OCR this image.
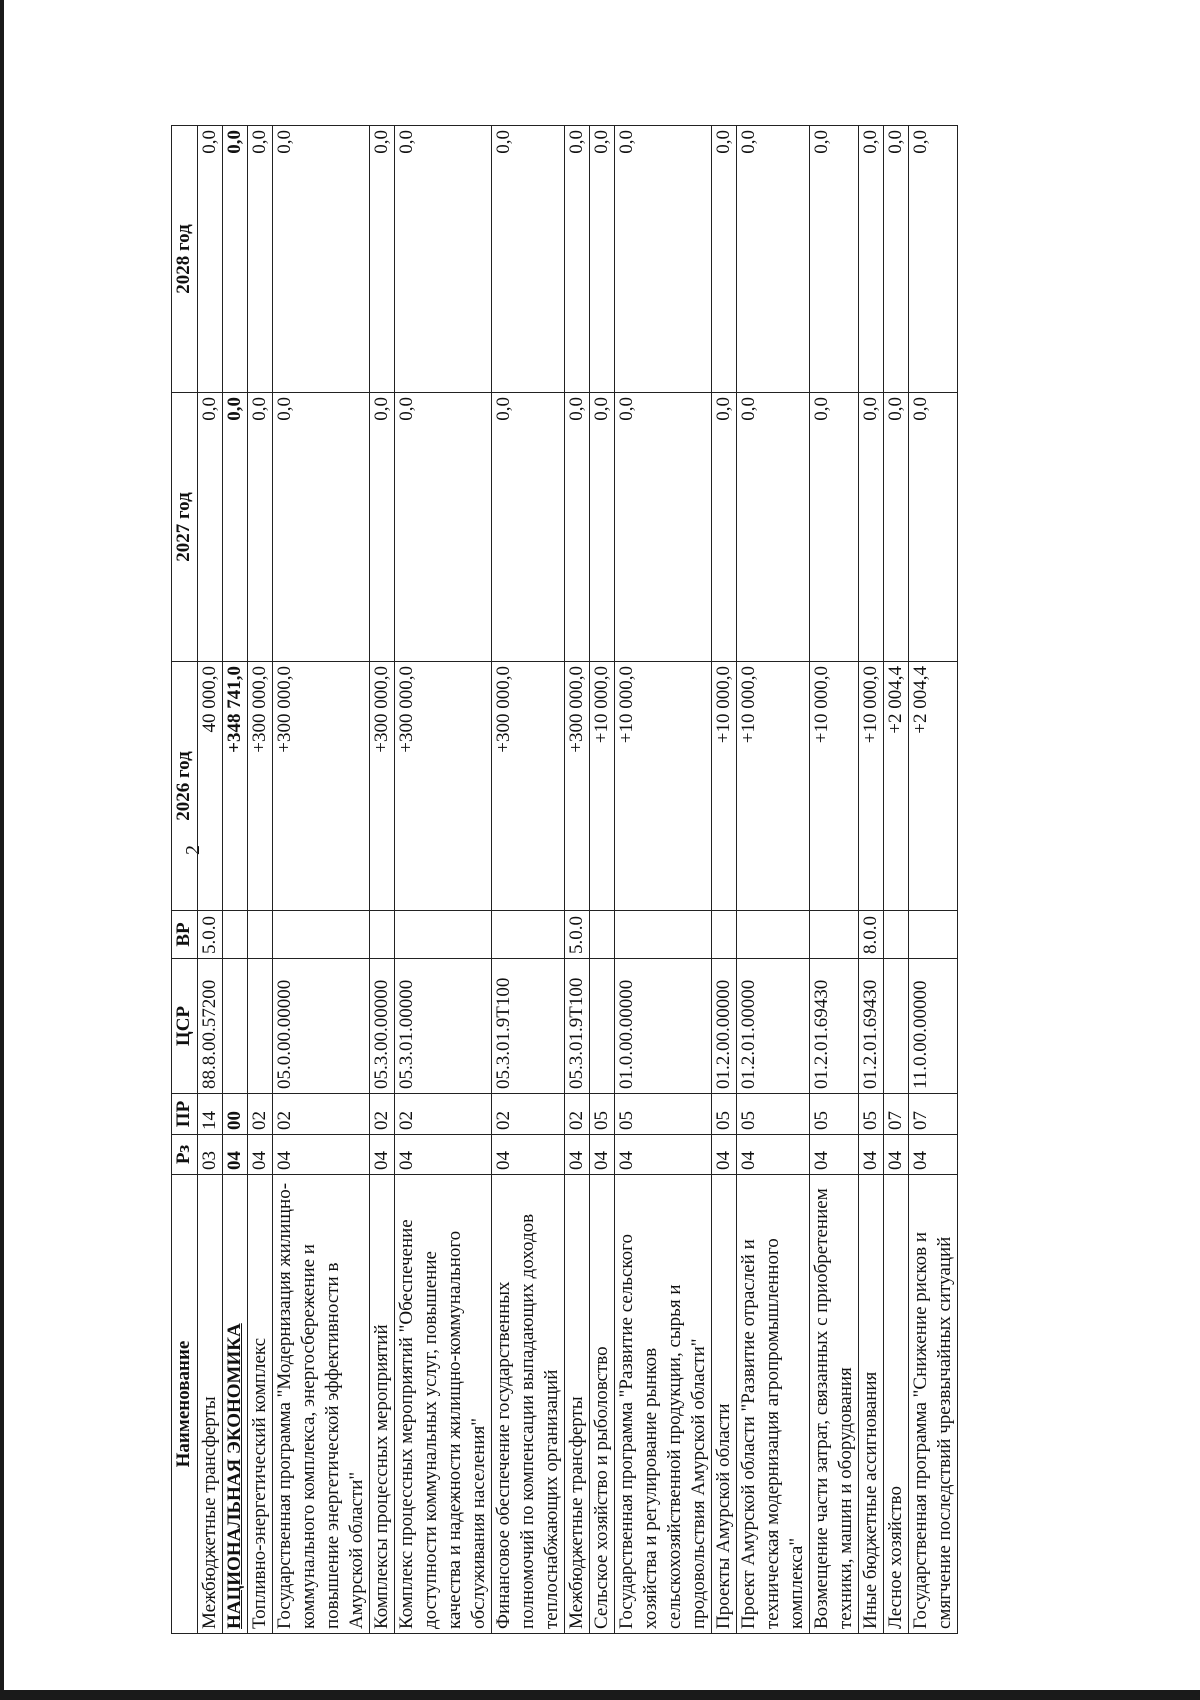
2
Наименование	Рз	ПР	ЦСР	ВР	2026 год	2027 год	2028 год
Межбюджетные трансферты	03	14	88.8.00.57200	5.0.0	40 000,0	0,0	0,0
НАЦИОНАЛЬНАЯ ЭКОНОМИКА	04	00			+348 741,0	0,0	0,0
Топливно-энергетический комплекс	04	02			+300 000,0	0,0	0,0
Государственная программа "Модернизация жилищно-коммунального комплекса, энергосбережение и повышение энергетической эффективности в Амурской области"	04	02	05.0.00.00000		+300 000,0	0,0	0,0
Комплексы процессных мероприятий	04	02	05.3.00.00000		+300 000,0	0,0	0,0
Комплекс процессных мероприятий "Обеспечение доступности коммунальных услуг, повышение качества и надежности жилищно-коммунального обслуживания населения"	04	02	05.3.01.00000		+300 000,0	0,0	0,0
Финансовое обеспечение государственных полномочий по компенсации выпадающих доходов теплоснабжающих организаций	04	02	05.3.01.9Т100		+300 000,0	0,0	0,0
Межбюджетные трансферты	04	02	05.3.01.9Т100	5.0.0	+300 000,0	0,0	0,0
Сельское хозяйство и рыболовство	04	05			+10 000,0	0,0	0,0
Государственная программа "Развитие сельского хозяйства и регулирование рынков сельскохозяйственной продукции, сырья и продовольствия Амурской области"	04	05	01.0.00.00000		+10 000,0	0,0	0,0
Проекты Амурской области	04	05	01.2.00.00000		+10 000,0	0,0	0,0
Проект Амурской области "Развитие отраслей и техническая модернизация агропромышленного комплекса"	04	05	01.2.01.00000		+10 000,0	0,0	0,0
Возмещение части затрат, связанных с приобретением техники, машин и оборудования	04	05	01.2.01.69430		+10 000,0	0,0	0,0
Иные бюджетные ассигнования	04	05	01.2.01.69430	8.0.0	+10 000,0	0,0	0,0
Лесное хозяйство	04	07			+2 004,4	0,0	0,0
Государственная программа "Снижение рисков и смягчение последствий чрезвычайных ситуаций	04	07	11.0.00.00000		+2 004,4	0,0	0,0
